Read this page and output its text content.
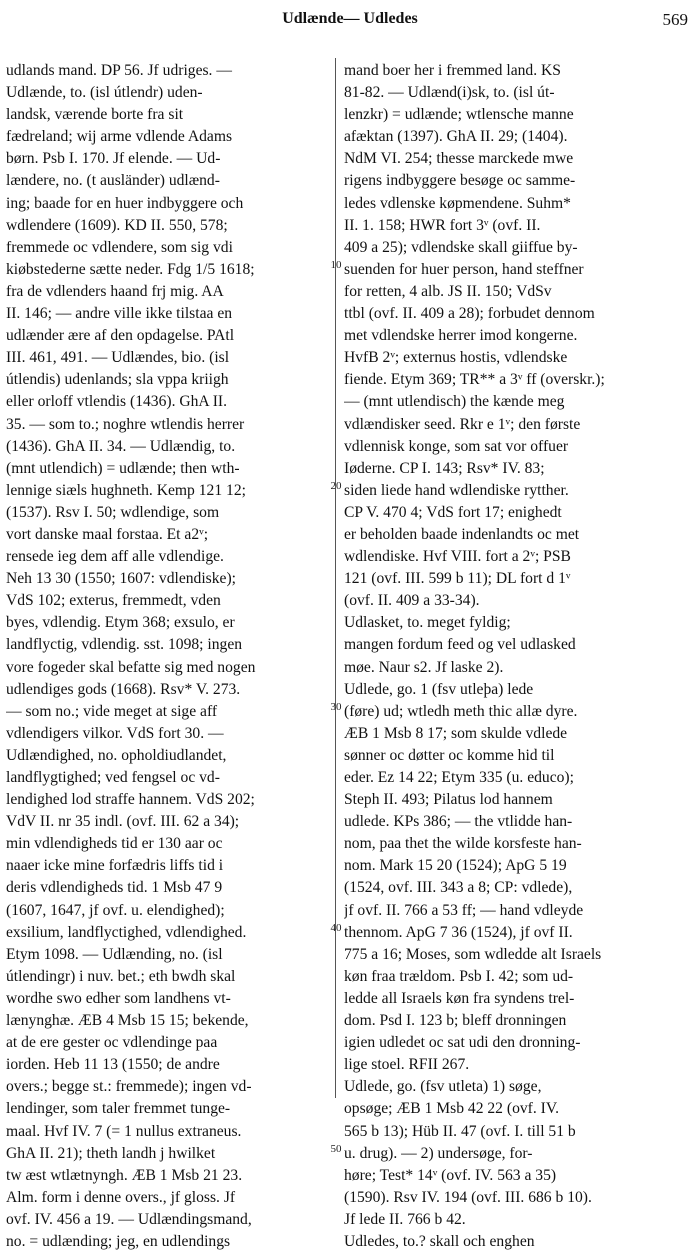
Udlænde— Udledes	569
udlands mand. DP 56. Jf udriges. —
Udlænde, to. (isl útlendr) uden-
landsk, værende borte fra sit
fædreland; wij arme vdlende Adams
børn. Psb I. 170. Jf elende. — Ud-
lændere, no. (t ausländer) udlænd-
ing; baade for en huer indbyggere och
wdlendere (1609). KD II. 550, 578;
fremmede oc vdlendere, som sig vdi
kiøbstederne sætte neder. Fdg 1/5 1618;
fra de vdlenders haand frj mig. AA
II. 146; — andre ville ikke tilstaa en
udlænder ære af den opdagelse. PAtl
III. 461, 491. — Udlændes, bio. (isl
útlendis) udenlands; sla vppa kriigh
eller orloff vtlendis (1436). GhA II.
35. — som to.; noghre wtlendis herrer
(1436). GhA II. 34. — Udlændig, to.
(mnt utlendich) = udlænde; then wth-
lennige siæls hughneth. Kemp 121 12;
(1537). Rsv I. 50; wdlendige, som
vort danske maal forstaa. Et a2ᵛ;
rensede ieg dem aff alle vdlendige.
Neh 13 30 (1550; 1607: vdlendiske);
VdS 102; exterus, fremmedt, vden
byes, vdlendig. Etym 368; exsulo, er
landflyctig, vdlendig. sst. 1098; ingen
vore fogeder skal befatte sig med nogen
udlendiges gods (1668). Rsv* V. 273.
— som no.; vide meget at sige aff
vdlendigers vilkor. VdS fort 30. —
Udlændighed, no. opholdiudlandet,
landflygtighed; ved fengsel oc vd-
lendighed lod straffe hannem. VdS 202;
VdV II. nr 35 indl. (ovf. III. 62 a 34);
min vdlendigheds tid er 130 aar oc
naaer icke mine forfædris liffs tid i
deris vdlendigheds tid. 1 Msb 47 9
(1607, 1647, jf ovf. u. elendighed);
exsilium, landflyctighed, vdlendighed.
Etym 1098. — Udlænding, no. (isl
útlendingr) i nuv. bet.; eth bwdh skal
wordhe swo edher som landhens vt-
lænynghæ. ÆB 4 Msb 15 15; bekende,
at de ere gester oc vdlendinge paa
iorden. Heb 11 13 (1550; de andre
overs.; begge st.: fremmede); ingen vd-
lendinger, som taler fremmet tunge-
maal. Hvf IV. 7 (= 1 nullus extraneus.
GhA II. 21); theth landh j hwilket
tw æst wtlætnyngh. ÆB 1 Msb 21 23.
Alm. form i denne overs., jf gloss. Jf
ovf. IV. 456 a 19. — Udlændingsmand,
no. = udlænding; jeg, en udlendings
10
20
30
40
50
mand boer her i fremmed land. KS
81-82. — Udlænd(i)sk, to. (isl út-
lenzkr) = udlænde; wtlensche manne
afæktan (1397). GhA II. 29; (1404).
NdM VI. 254; thesse marckede mwe
rigens indbyggere besøge oc samme-
ledes vdlenske køpmendene. Suhm*
II. 1. 158; HWR fort 3ᵛ (ovf. II.
409 a 25); vdlendske skall giiffue by-
suenden for huer person, hand steffner
for retten, 4 alb. JS II. 150; VdSv
ttbl (ovf. II. 409 a 28); forbudet dennom
met vdlendske herrer imod kongerne.
HvfB 2ᵛ; externus hostis, vdlendske
fiende. Etym 369; TR** a 3ᵛ ff (overskr.);
— (mnt utlendisch) the kænde meg
vdlændisker seed. Rkr e 1ᵛ; den første
vdlennisk konge, som sat vor offuer
Iøderne. CP I. 143; Rsv* IV. 83;
siden liede hand wdlendiske rytther.
CP V. 470 4; VdS fort 17; enighedt
er beholden baade indenlandts oc met
wdlendiske. Hvf VIII. fort a 2ᵛ; PSB
121 (ovf. III. 599 b 11); DL fort d 1ᵛ
(ovf. II. 409 a 33-34).
Udlasket, to. meget fyldig;
mangen fordum feed og vel udlasked
møe. Naur s2. Jf laske 2).
Udlede, go. 1 (fsv utleþa) lede
(føre) ud; wtledh meth thic allæ dyre.
ÆB 1 Msb 8 17; som skulde vdlede
sønner oc døtter oc komme hid til
eder. Ez 14 22; Etym 335 (u. educo);
Steph II. 493; Pilatus lod hannem
udlede. KPs 386; — the vtlidde han-
nom, paa thet the wilde korsfeste han-
nom. Mark 15 20 (1524); ApG 5 19
(1524, ovf. III. 343 a 8; CP: vdlede),
jf ovf. II. 766 a 53 ff; — hand vdleyde
thennom. ApG 7 36 (1524), jf ovf II.
775 a 16; Moses, som wdledde alt Israels
køn fraa trældom. Psb I. 42; som ud-
ledde all Israels køn fra syndens trel-
dom. Psd I. 123 b; bleff dronningen
igien udledet oc sat udi den dronning-
lige stoel. RFII 267.
Udlede, go. (fsv utleta) 1) søge,
opsøge; ÆB 1 Msb 42 22 (ovf. IV.
565 b 13); Hüb II. 47 (ovf. I. till 51 b
u. drug). — 2) undersøge, for-
høre; Test* 14ᵛ (ovf. IV. 563 a 35)
(1590). Rsv IV. 194 (ovf. III. 686 b 10).
Jf lede II. 766 b 42.
Udledes, to.? skall och enghen
